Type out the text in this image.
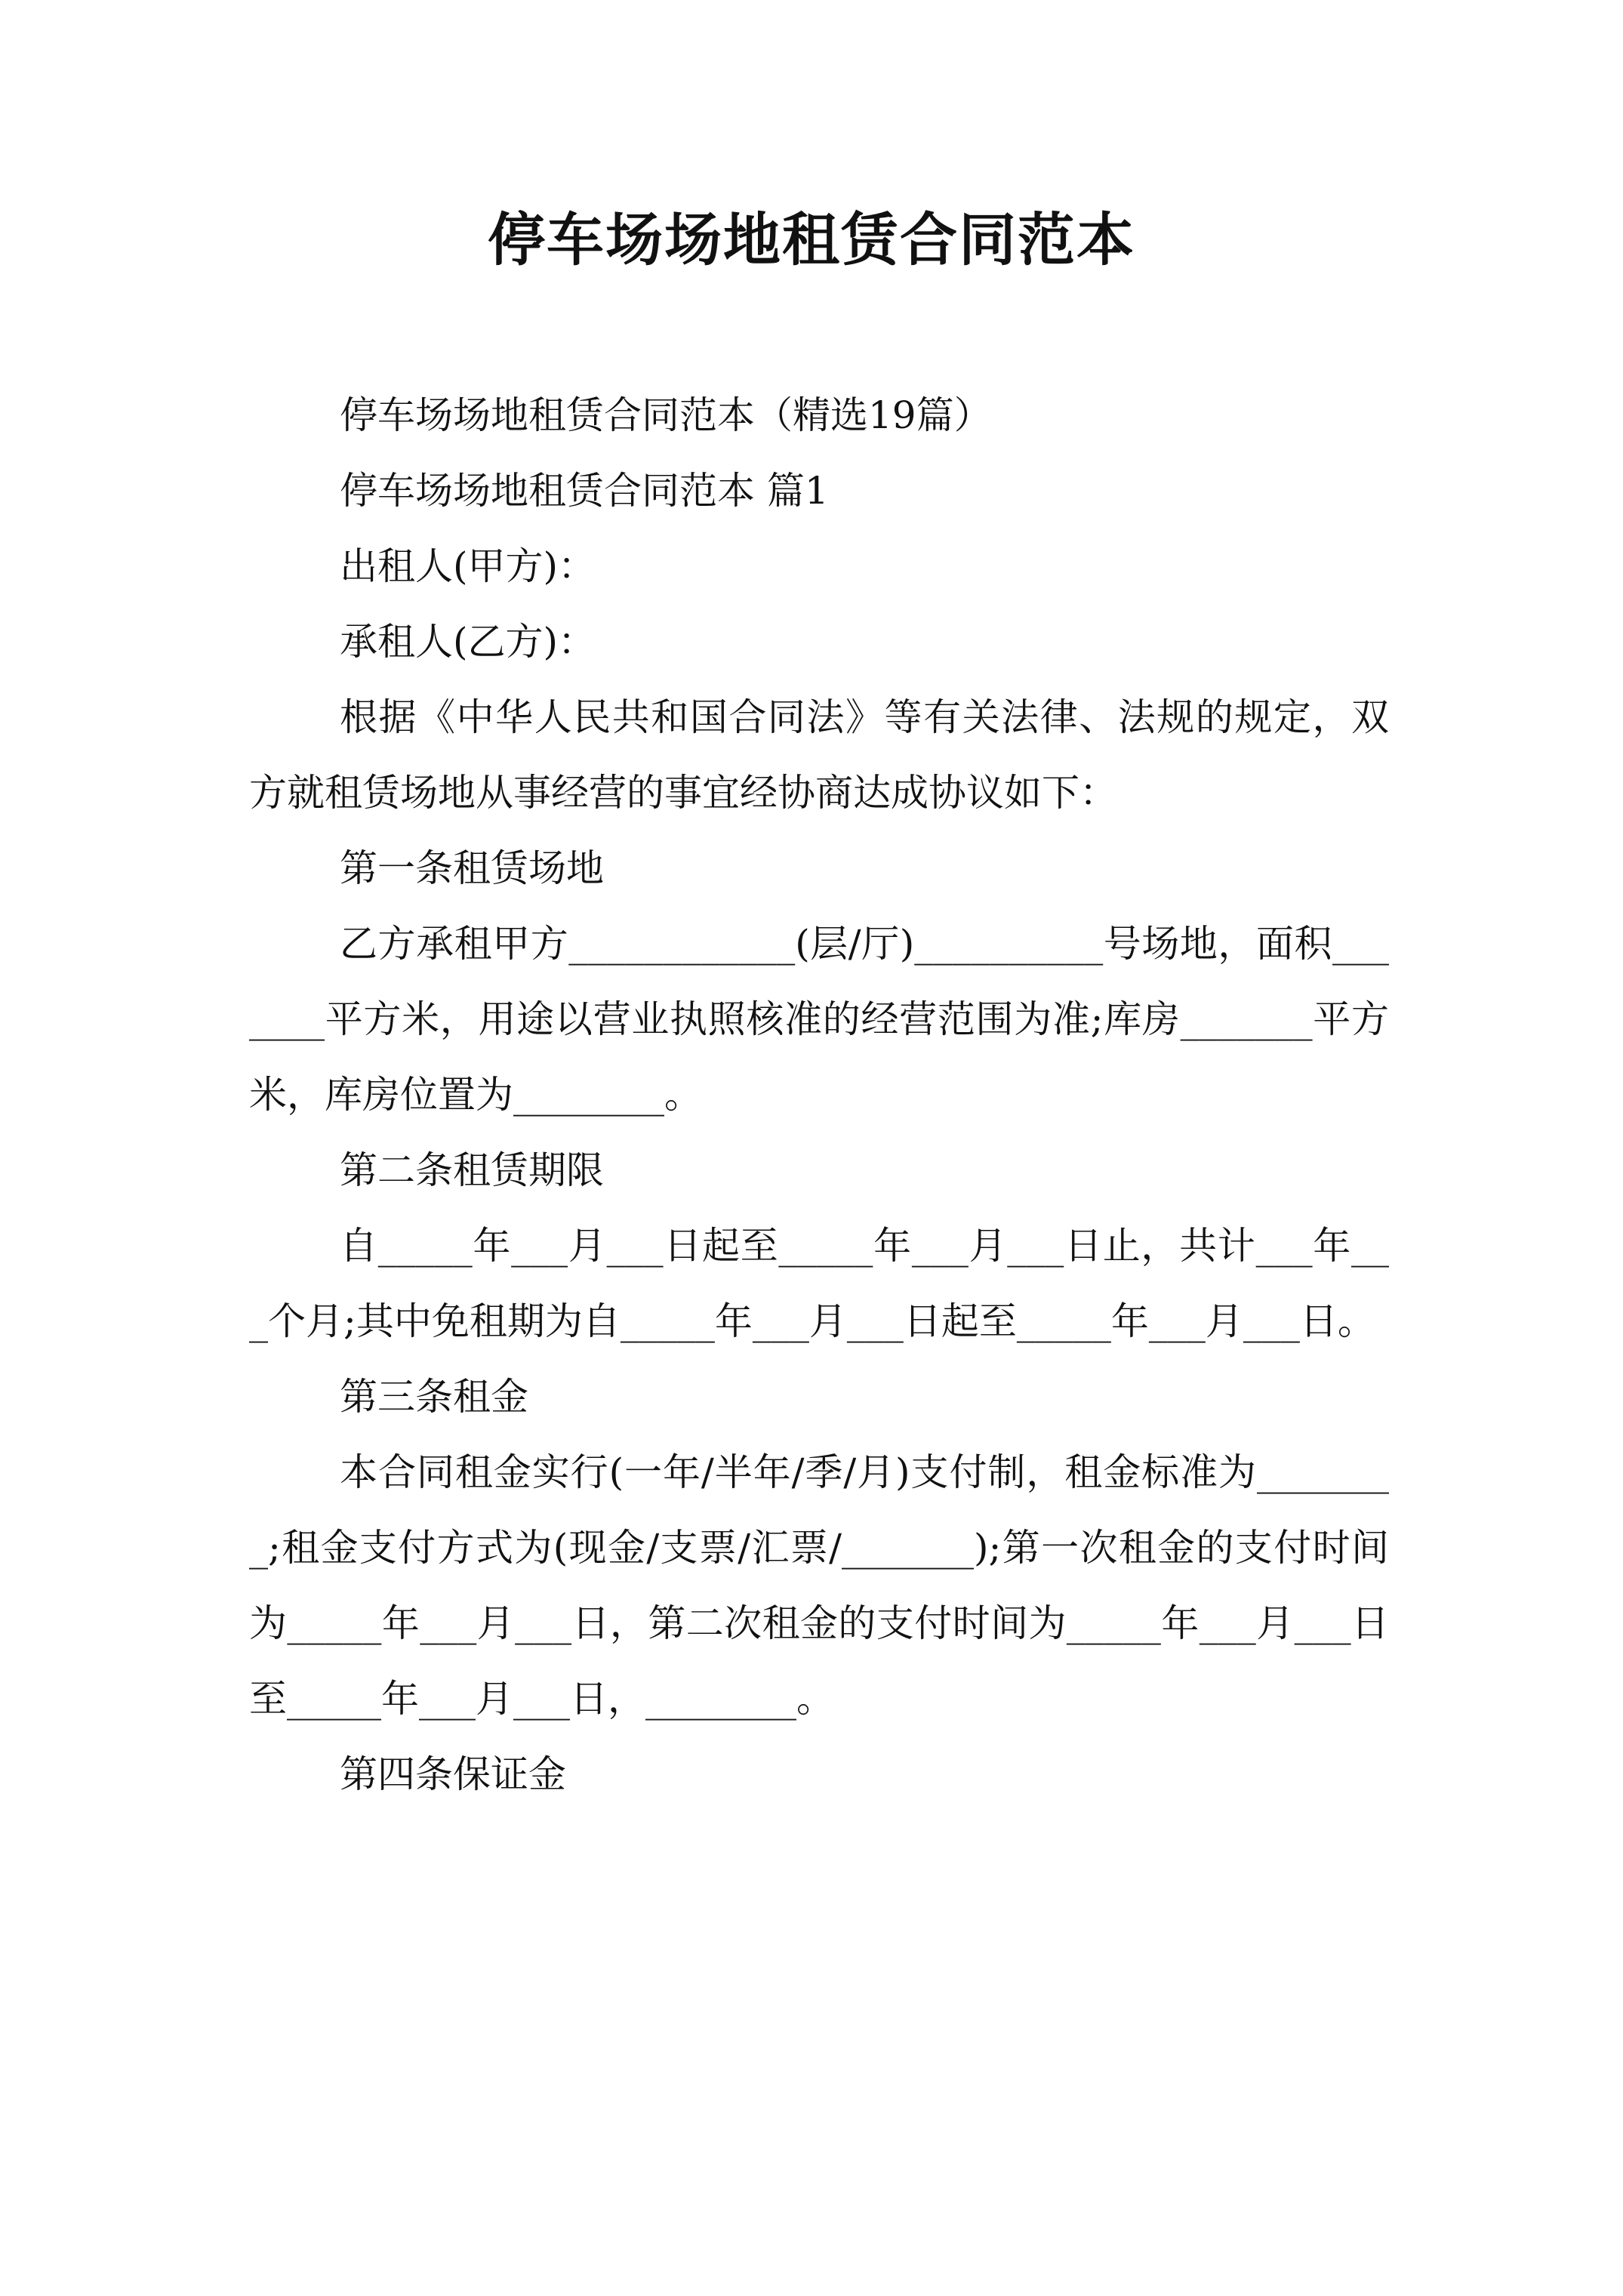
停车场场地租赁合同范本

停车场场地租赁合同范本（精选19篇）

停车场场地租赁合同范本 篇1

出租人(甲方)：

承租人(乙方)：

根据《中华人民共和国合同法》等有关法律、法规的规定，双方就租赁场地从事经营的事宜经协商达成协议如下：

第一条租赁场地

乙方承租甲方____________(层/厅)__________号场地，面积_______平方米，用途以营业执照核准的经营范围为准;库房_______平方米，库房位置为________。

第二条租赁期限

自_____年___月___日起至_____年___月___日止，共计___年___个月;其中免租期为自_____年___月___日起至_____年___月___日。

第三条租金

本合同租金实行(一年/半年/季/月)支付制，租金标准为________;租金支付方式为(现金/支票/汇票/_______);第一次租金的支付时间为_____年___月___日，第二次租金的支付时间为_____年___月___日至_____年___月___日，________。

第四条保证金
